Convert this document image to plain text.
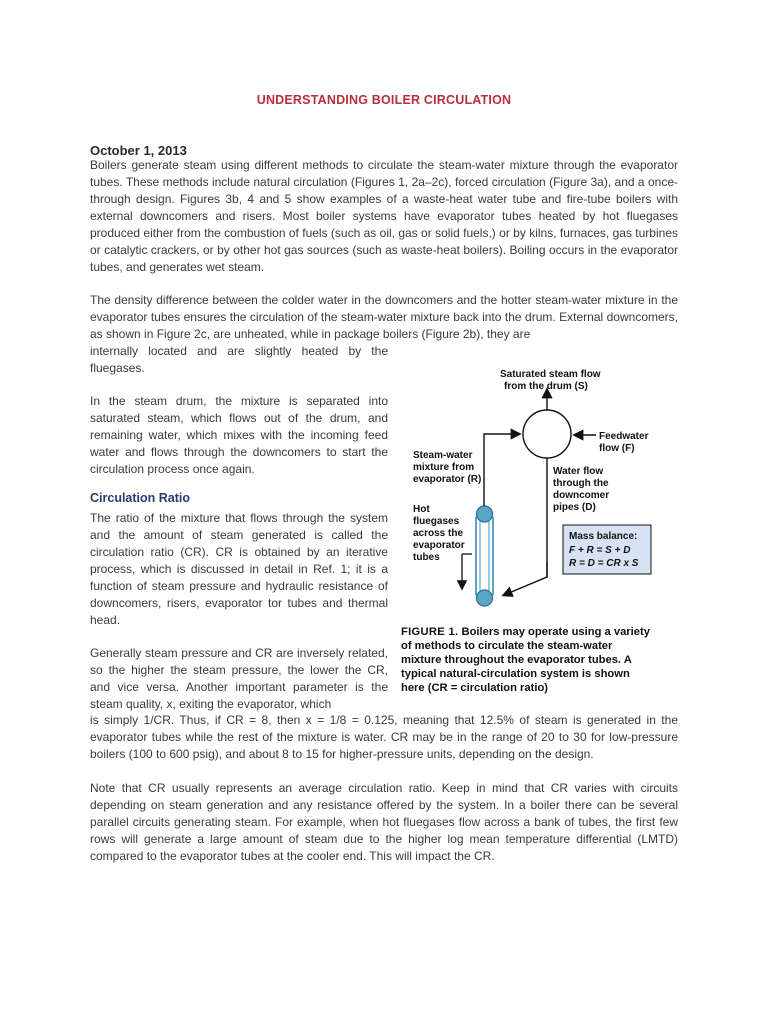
UNDERSTANDING BOILER CIRCULATION
October 1, 2013

Boilers generate steam using different methods to circulate the steam-water mixture through the evaporator tubes. These methods include natural circulation (Figures 1, 2a–2c), forced circulation (Figure 3a), and a once-through design. Figures 3b, 4 and 5 show examples of a waste-heat water tube and fire-tube boilers with external downcomers and risers. Most boiler systems have evaporator tubes heated by hot fluegases produced either from the combustion of fuels (such as oil, gas or solid fuels,) or by kilns, furnaces, gas turbines or catalytic crackers, or by other hot gas sources (such as waste-heat boilers). Boiling occurs in the evaporator tubes, and generates wet steam.

The density difference between the colder water in the downcomers and the hotter steam-water mixture in the evaporator tubes ensures the circulation of the steam-water mixture back into the drum. External downcomers, as shown in Figure 2c, are unheated, while in package boilers (Figure 2b), they are

internally located and are slightly heated by the fluegases.

In the steam drum, the mixture is separated into saturated steam, which flows out of the drum, and remaining water, which mixes with the incoming feed water and flows through the downcomers to start the circulation process once again.

Circulation Ratio

The ratio of the mixture that flows through the system and the amount of steam generated is called the circulation ratio (CR). CR is obtained by an iterative process, which is discussed in detail in Ref. 1; it is a function of steam pressure and hydraulic resistance of downcomers, risers, evaporator tor tubes and thermal head.

Generally steam pressure and CR are inversely related, so the higher the steam pressure, the lower the CR, and vice versa. Another important parameter is the steam quality, x, exiting the evaporator, which

is simply 1/CR. Thus, if CR = 8, then x = 1/8 = 0.125, meaning that 12.5% of steam is generated in the evaporator tubes while the rest of the mixture is water. CR may be in the range of 20 to 30 for low-pressure boilers (100 to 600 psig), and about 8 to 15 for higher-pressure units, depending on the design.

Note that CR usually represents an average circulation ratio. Keep in mind that CR varies with circuits depending on steam generation and any resistance offered by the system. In a boiler there can be several parallel circuits generating steam. For example, when hot fluegases flow across a bank of tubes, the first few rows will generate a large amount of steam due to the higher log mean temperature differential (LMTD) compared to the evaporator tubes at the cooler end. This will impact the CR.

Saturated steam flow
from the drum (S)
Feedwater
flow (F)
Steam-water
mixture from
evaporator (R)
Water flow
through the
downcomer
pipes (D)
Hot
fluegases
across the
evaporator
tubes
Mass balance:
F + R = S + D
R = D = CR x S
FIGURE 1. Boilers may operate using a variety of methods to circulate the steam-water mixture throughout the evaporator tubes. A typical natural-circulation system is shown here (CR = circulation ratio)
